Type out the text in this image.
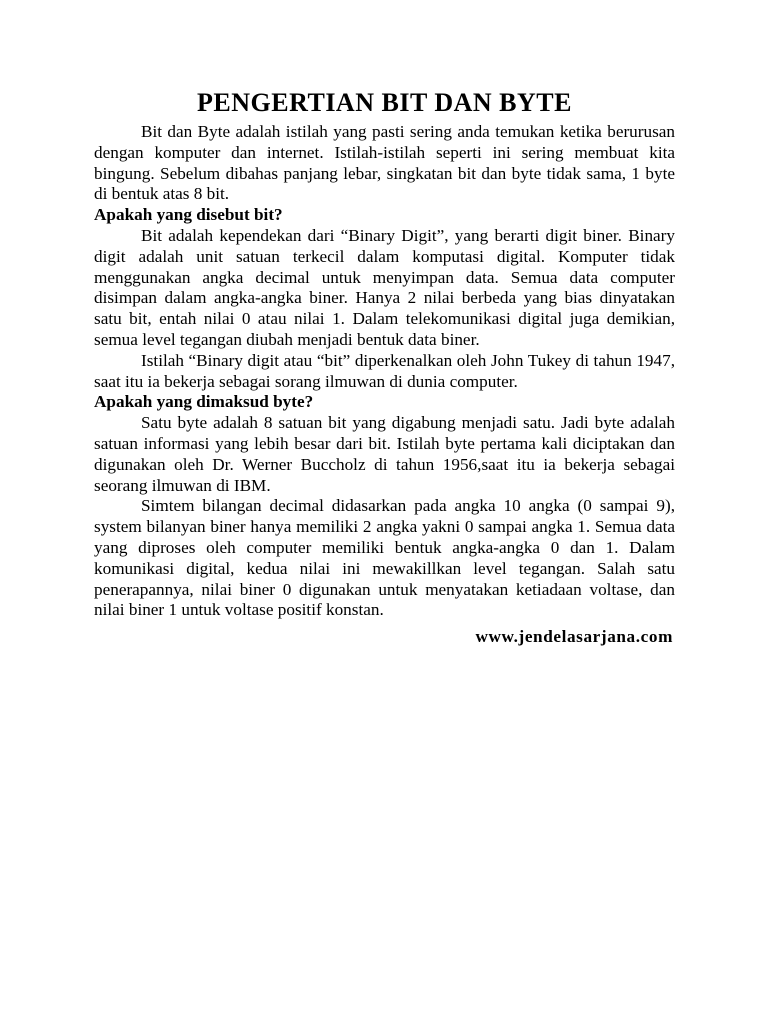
PENGERTIAN BIT DAN BYTE

Bit dan Byte adalah istilah yang pasti sering anda temukan ketika berurusan dengan komputer dan internet. Istilah-istilah seperti ini sering membuat kita bingung. Sebelum dibahas panjang lebar, singkatan bit dan byte tidak sama, 1 byte di bentuk atas 8 bit.

Apakah yang disebut bit?

Bit adalah kependekan dari “Binary Digit”, yang berarti digit biner. Binary digit adalah unit satuan terkecil dalam komputasi digital. Komputer tidak menggunakan angka decimal untuk menyimpan data. Semua data computer disimpan dalam angka-angka biner. Hanya 2 nilai berbeda yang bias dinyatakan satu bit, entah nilai 0 atau nilai 1. Dalam telekomunikasi digital juga demikian, semua level tegangan diubah menjadi bentuk data biner.

Istilah “Binary digit atau “bit” diperkenalkan oleh John Tukey di tahun 1947, saat itu ia bekerja sebagai sorang ilmuwan di dunia computer.

Apakah yang dimaksud byte?

Satu byte adalah 8 satuan bit yang digabung menjadi satu. Jadi byte adalah satuan informasi yang lebih besar dari bit. Istilah byte pertama kali diciptakan dan digunakan oleh Dr. Werner Buccholz di tahun 1956,saat itu ia bekerja sebagai seorang ilmuwan di IBM.

Simtem bilangan decimal didasarkan pada angka 10 angka (0 sampai 9), system bilanyan biner hanya memiliki 2 angka yakni 0 sampai angka 1. Semua data yang diproses oleh computer memiliki bentuk angka-angka 0 dan 1. Dalam komunikasi digital, kedua nilai ini mewakillkan level tegangan. Salah satu penerapannya, nilai biner 0 digunakan untuk menyatakan ketiadaan voltase, dan nilai biner 1 untuk voltase positif konstan.

www.jendelasarjana.com
